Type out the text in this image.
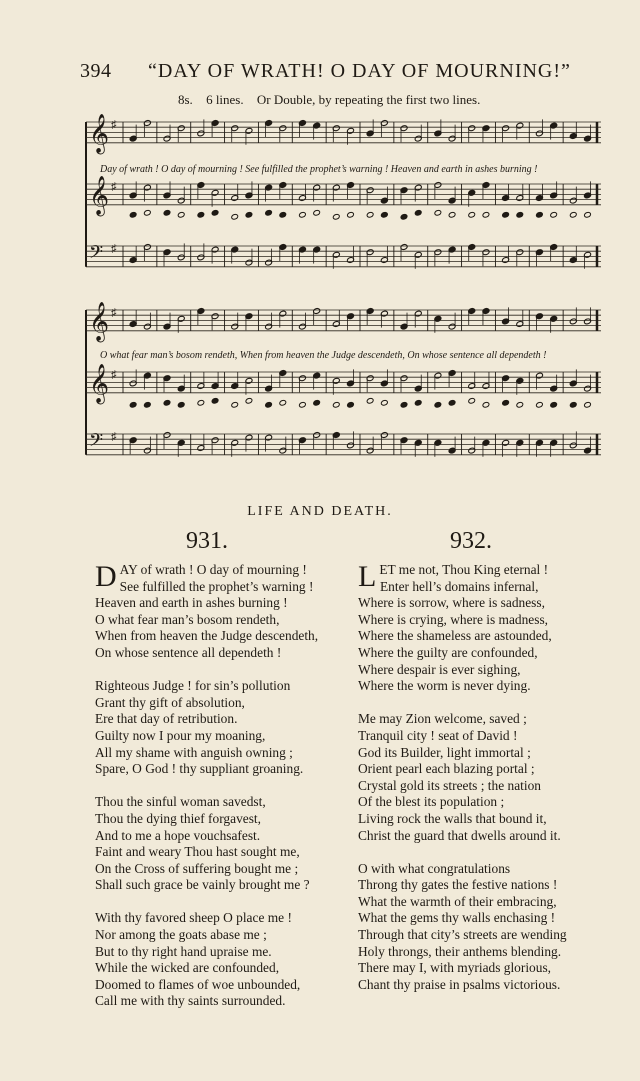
394 “DAY OF WRATH! O DAY OF MOURNING!”
8s. 6 lines. Or Double, by repeating the first two lines.
𝄞 ♯
𝄞 ♯
𝄢 ♯
Day of wrath ! O day of mourning ! See fulfilled the prophet’s warning ! Heaven and earth in ashes burning !
𝄞 ♯
𝄞 ♯
𝄢 ♯
O what fear man’s bosom rendeth, When from heaven the Judge descendeth, On whose sentence all dependeth !
LIFE AND DEATH.
931.	932.
DAY of wrath ! O day of mourning !
See fulfilled the prophet’s warning !
Heaven and earth in ashes burning !
O what fear man’s bosom rendeth,
When from heaven the Judge descendeth,
On whose sentence all dependeth !
Righteous Judge ! for sin’s pollution
Grant thy gift of absolution,
Ere that day of retribution.
Guilty now I pour my moaning,
All my shame with anguish owning ;
Spare, O God ! thy suppliant groaning.
Thou the sinful woman savedst,
Thou the dying thief forgavest,
And to me a hope vouchsafest.
Faint and weary Thou hast sought me,
On the Cross of suffering bought me ;
Shall such grace be vainly brought me ?
With thy favored sheep O place me !
Nor among the goats abase me ;
But to thy right hand upraise me.
While the wicked are confounded,
Doomed to flames of woe unbounded,
Call me with thy saints surrounded.
LET me not, Thou King eternal !
Enter hell’s domains infernal,
Where is sorrow, where is sadness,
Where is crying, where is madness,
Where the shameless are astounded,
Where the guilty are confounded,
Where despair is ever sighing,
Where the worm is never dying.
Me may Zion welcome, saved ;
Tranquil city ! seat of David !
God its Builder, light immortal ;
Orient pearl each blazing portal ;
Crystal gold its streets ; the nation
Of the blest its population ;
Living rock the walls that bound it,
Christ the guard that dwells around it.
O with what congratulations
Throng thy gates the festive nations !
What the warmth of their embracing,
What the gems thy walls enchasing !
Through that city’s streets are wending
Holy throngs, their anthems blending.
There may I, with myriads glorious,
Chant thy praise in psalms victorious.
